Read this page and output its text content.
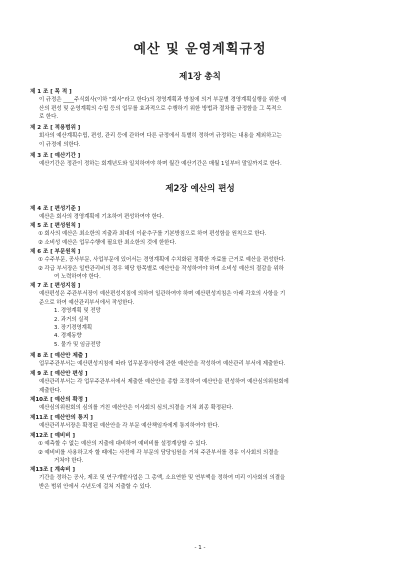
예산 및 운영계획규정
제1장 총칙
제 1 조 [ 목 적 ]
이 규정은 ____주식회사(이하 "회사"라고 한다)의 경영계획과 방침에 의거 부문별 경영계획실행을 위한 예
산의 편성 및 운영계획의 수립 등의 업무를 효과적으로 수행하기 위한 방법과 절차를 규정함을 그 목적으
로 한다.
제 2 조 [ 적용범위 ]
회사의 예산계획수립, 편성, 관리 등에 관하여 다른 규정에서 특별히 정하여 규정하는 내용을 제외하고는
이 규정에 의한다.
제 3 조 [ 예산기간 ]
예산기간은 정관이 정하는 회계년도와 일치하여야 하며 월간 예산기간은 매월 1일부터 말일까지로 한다.
제2장 예산의 편성
제 4 조 [ 편성기준 ]
예산은 회사의 경영계획에 기초하여 편성하여야 한다.
제 5 조 [ 편성원칙 ]
① 회사의 예산은 최소한의 지출과 최대의 이윤추구를 기본방침으로 하여 편성함을 원칙으로 한다.
② 소비성 예산은 업무수행에 필요한 최소한의 것에 한한다.
제 6 조 [ 부문원칙 ]
① 수주부문, 공사부문, 사업부문에 있어서는 경영계획에 수치화된 정확한 자료를 근거로 예산을 편성한다.
② 각급 부서장은 일반관리비의 경우 해당 항목별로 예산안을 작성하여야 하며 소비성 예산의 절감을 위하
여 노력하여야 한다.
제 7 조 [ 편성지침 ]
예산편성은 주관부서장이 예산편성지침에 의하여 일관하여야 하며 예산편성지침은 아래 각호의 사항을 기
준으로 하여 예산관리부서에서 작성한다.
1. 경영계획 및 전망
2. 과거의 실적
3. 장기경영계획
4. 경제동향
5. 물가 및 임금전망
제 8 조 [ 예산안 제출 ]
업무주관부서는 예산편성지침에 따라 업무분장사항에 관한 예산안을 작성하여 예산관리 부서에 제출한다.
제 9 조 [ 예산안 편성 ]
예산관리부서는 각 업무주관부서에서 제출한 예산안을 종합 조정하여 예산안을 편성하여 예산심의위원회에
제출한다.
제10조 [ 예산의 확정 ]
예산심의위원회의 심의를 거친 예산안은 이사회의 심의,의결을 거쳐 최종 확정된다.
제11조 [ 예산안의 통지 ]
예산관리부서장은 확정된 예산안을 각 부문 예산책임자에게 통지하여야 한다.
제12조 [ 예비비 ]
① 예측할 수 없는 예산의 지출에 대비하여 예비비를 설정계상할 수 있다.
② 예비비를 사용하고자 할 때에는 사전에 각 부문의 담당임원을 거쳐 주관부서를 경유 이사회의 의결을
거쳐야 한다.
제13조 [ 계속비 ]
기간을 정하는 공사, 제조 및 연구개발사업은 그 총액, 소요연한 및 연부액을 정하여 미리 이사회의 의결을
받은 범위 안에서 수년도에 걸쳐 지출할 수 있다.
- 1 -
